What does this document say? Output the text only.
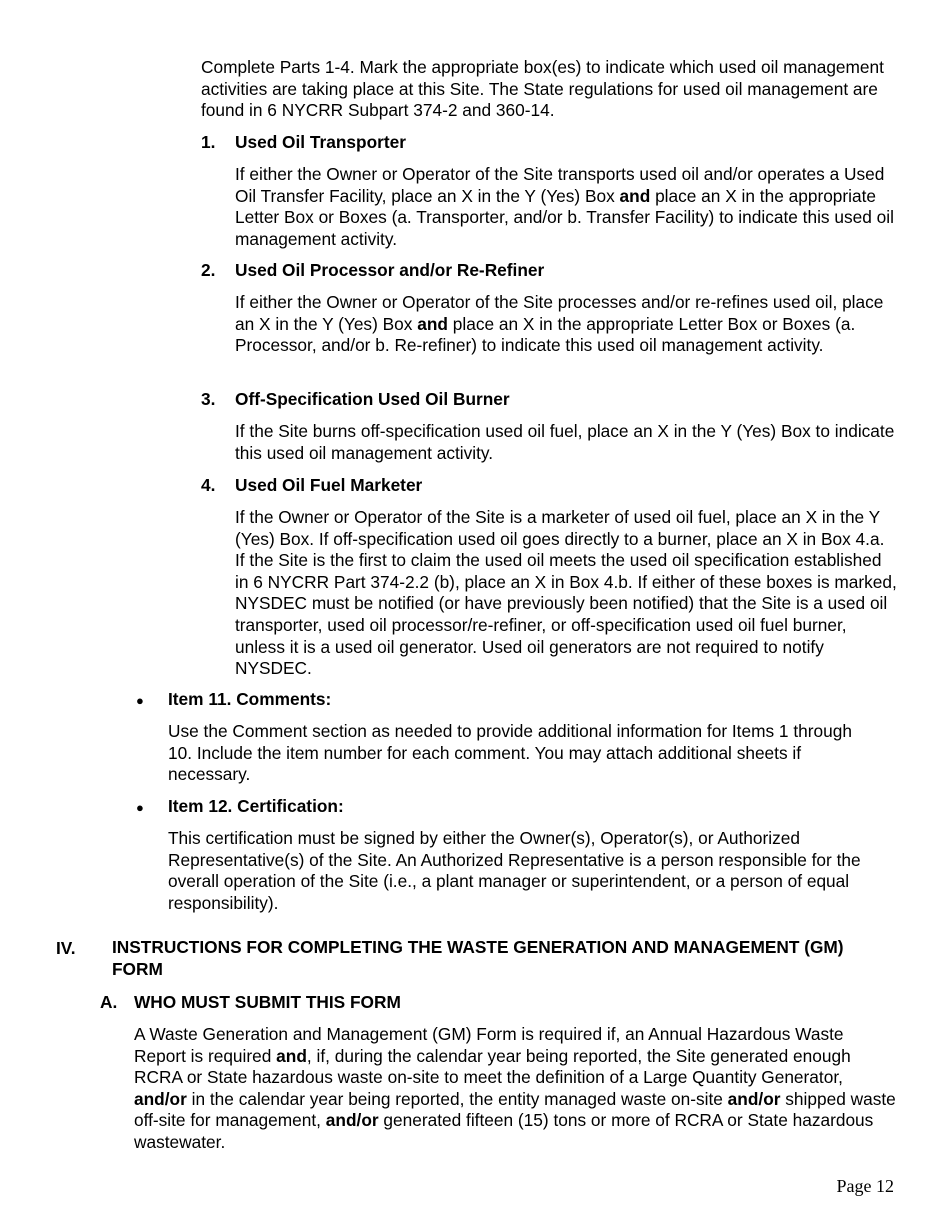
Complete Parts 1-4. Mark the appropriate box(es) to indicate which used oil management activities are taking place at this Site. The State regulations for used oil management are found in 6 NYCRR Subpart 374-2 and 360-14.

1. Used Oil Transporter

If either the Owner or Operator of the Site transports used oil and/or operates a Used Oil Transfer Facility, place an X in the Y (Yes) Box and place an X in the appropriate Letter Box or Boxes (a. Transporter, and/or b. Transfer Facility) to indicate this used oil management activity.

2. Used Oil Processor and/or Re-Refiner

If either the Owner or Operator of the Site processes and/or re-refines used oil, place an X in the Y (Yes) Box and place an X in the appropriate Letter Box or Boxes (a. Processor, and/or b. Re-refiner) to indicate this used oil management activity.

3. Off-Specification Used Oil Burner

If the Site burns off-specification used oil fuel, place an X in the Y (Yes) Box to indicate this used oil management activity.

4. Used Oil Fuel Marketer

If the Owner or Operator of the Site is a marketer of used oil fuel, place an X in the Y (Yes) Box. If off-specification used oil goes directly to a burner, place an X in Box 4.a. If the Site is the first to claim the used oil meets the used oil specification established in 6 NYCRR Part 374-2.2 (b), place an X in Box 4.b. If either of these boxes is marked, NYSDEC must be notified (or have previously been notified) that the Site is a used oil transporter, used oil processor/re-refiner, or off-specification used oil fuel burner, unless it is a used oil generator. Used oil generators are not required to notify NYSDEC.

● Item 11. Comments:

Use the Comment section as needed to provide additional information for Items 1 through 10. Include the item number for each comment. You may attach additional sheets if necessary.

● Item 12. Certification:

This certification must be signed by either the Owner(s), Operator(s), or Authorized Representative(s) of the Site. An Authorized Representative is a person responsible for the overall operation of the Site (i.e., a plant manager or superintendent, or a person of equal responsibility).

IV. INSTRUCTIONS FOR COMPLETING THE WASTE GENERATION AND MANAGEMENT (GM) FORM
A. WHO MUST SUBMIT THIS FORM

A Waste Generation and Management (GM) Form is required if, an Annual Hazardous Waste Report is required and, if, during the calendar year being reported, the Site generated enough RCRA or State hazardous waste on-site to meet the definition of a Large Quantity Generator, and/or in the calendar year being reported, the entity managed waste on-site and/or shipped waste off-site for management, and/or generated fifteen (15) tons or more of RCRA or State hazardous wastewater.

Page 12
